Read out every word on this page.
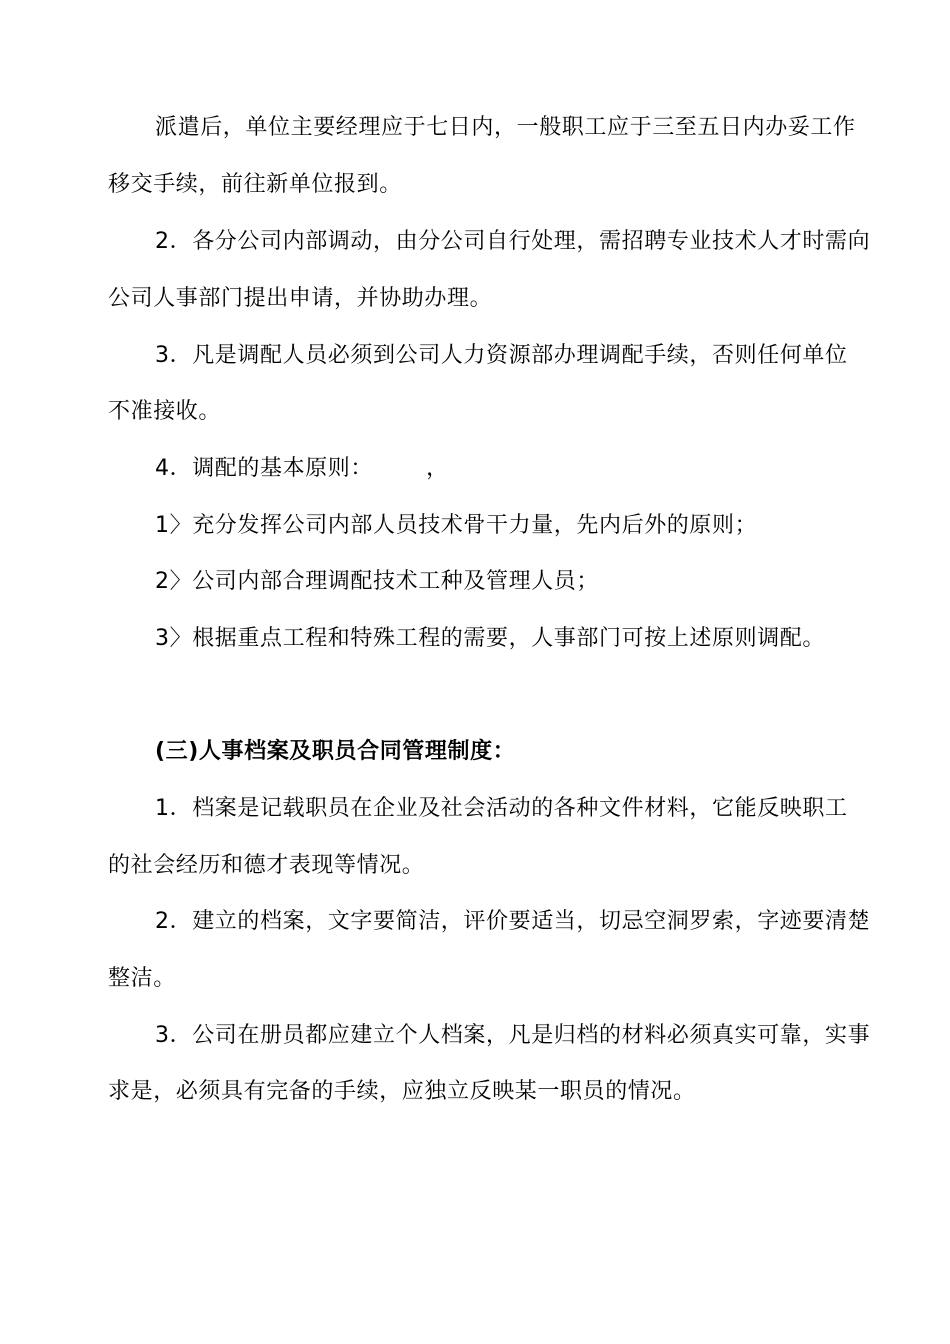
派遣后，单位主要经理应于七日内，一般职工应于三至五日内办妥工作
移交手续，前往新单位报到。
2．各分公司内部调动，由分公司自行处理，需招聘专业技术人才时需向
公司人事部门提出申请，并协助办理。
3．凡是调配人员必须到公司人力资源部办理调配手续，否则任何单位
不准接收。
4．调配的基本原则：       ，
1〉充分发挥公司内部人员技术骨干力量，先内后外的原则；
2〉公司内部合理调配技术工种及管理人员；
3〉根据重点工程和特殊工程的需要，人事部门可按上述原则调配。
(三)人事档案及职员合同管理制度：
1．档案是记载职员在企业及社会活动的各种文件材料，它能反映职工
的社会经历和德才表现等情况。
2．建立的档案，文字要简洁，评价要适当，切忌空洞罗索，字迹要清楚
整洁。
3．公司在册员都应建立个人档案，凡是归档的材料必须真实可靠，实事
求是，必须具有完备的手续，应独立反映某一职员的情况。
